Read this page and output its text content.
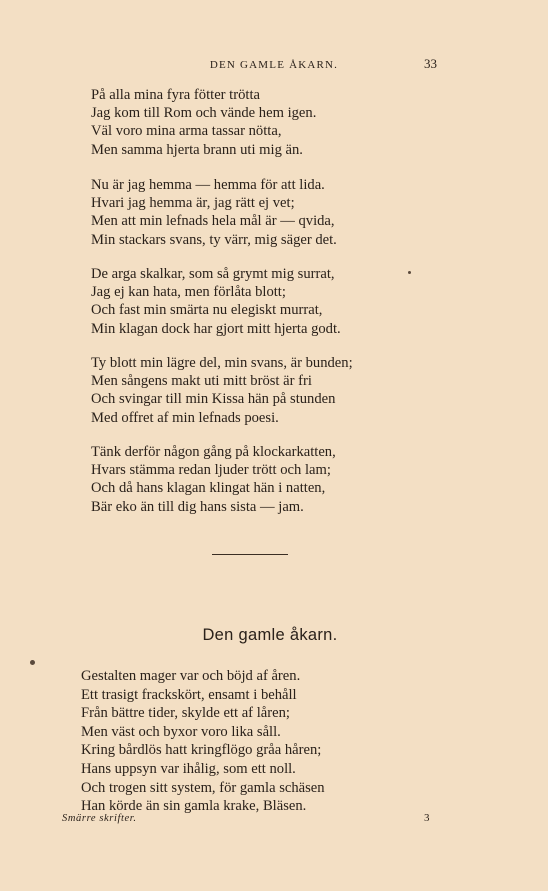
DEN GAMLE ÅKARN.	33
På alla mina fyra fötter trötta
Jag kom till Rom och vände hem igen.
Väl voro mina arma tassar nötta,
Men samma hjerta brann uti mig än.
Nu är jag hemma — hemma för att lida.
Hvari jag hemma är, jag rätt ej vet;
Men att min lefnads hela mål är — qvida,
Min stackars svans, ty värr, mig säger det.
De arga skalkar, som så grymt mig surrat,
Jag ej kan hata, men förlåta blott;
Och fast min smärta nu elegiskt murrat,
Min klagan dock har gjort mitt hjerta godt.
Ty blott min lägre del, min svans, är bunden;
Men sångens makt uti mitt bröst är fri
Och svingar till min Kissa hän på stunden
Med offret af min lefnads poesi.
Tänk derför någon gång på klockarkatten,
Hvars stämma redan ljuder trött och lam;
Och då hans klagan klingat hän i natten,
Bär eko än till dig hans sista — jam.
Den gamle åkarn.
Gestalten mager var och böjd af åren.
Ett trasigt frackskört, ensamt i behåll
Från bättre tider, skylde ett af låren;
Men väst och byxor voro lika såll.
Kring bårdlös hatt kringflögo gråa håren;
Hans uppsyn var ihålig, som ett noll.
Och trogen sitt system, för gamla schäsen
Han körde än sin gamla krake, Bläsen.
Smärre skrifter.	3
